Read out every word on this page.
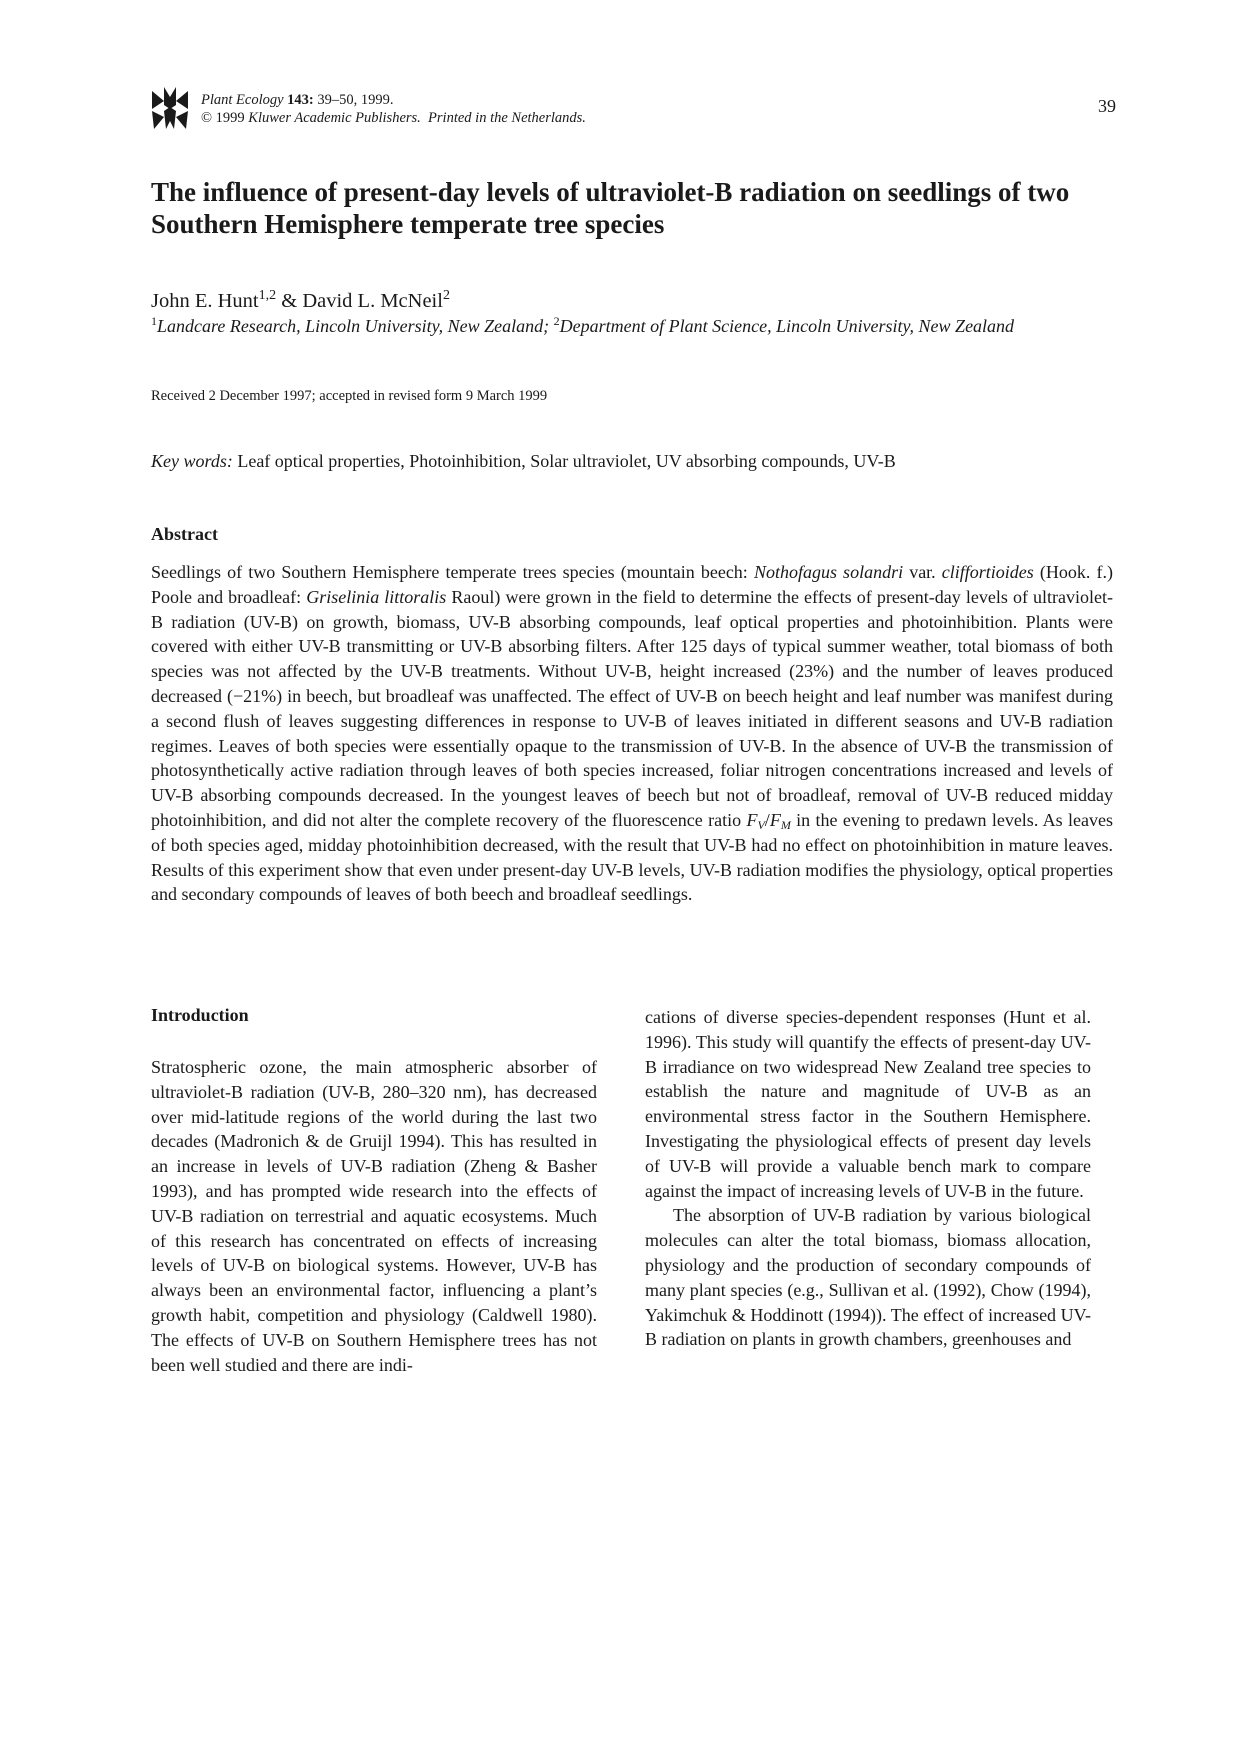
Plant Ecology 143: 39–50, 1999.
© 1999 Kluwer Academic Publishers.  Printed in the Netherlands.
39
The influence of present-day levels of ultraviolet-B radiation on seedlings of two Southern Hemisphere temperate tree species
John E. Hunt$^{1,2}$ & David L. McNeil$^2$
$^1$Landcare Research, Lincoln University, New Zealand; $^2$Department of Plant Science, Lincoln University, New Zealand
Received 2 December 1997; accepted in revised form 9 March 1999
Key words: Leaf optical properties, Photoinhibition, Solar ultraviolet, UV absorbing compounds, UV-B
Abstract

Seedlings of two Southern Hemisphere temperate trees species (mountain beech: Nothofagus solandri var. cliffortioides (Hook. f.) Poole and broadleaf: Griselinia littoralis Raoul) were grown in the field to determine the effects of present-day levels of ultraviolet-B radiation (UV-B) on growth, biomass, UV-B absorbing compounds, leaf optical properties and photoinhibition. Plants were covered with either UV-B transmitting or UV-B absorbing filters. After 125 days of typical summer weather, total biomass of both species was not affected by the UV-B treatments. Without UV-B, height increased (23%) and the number of leaves produced decreased (−21%) in beech, but broadleaf was unaffected. The effect of UV-B on beech height and leaf number was manifest during a second flush of leaves suggesting differences in response to UV-B of leaves initiated in different seasons and UV-B radiation regimes. Leaves of both species were essentially opaque to the transmission of UV-B. In the absence of UV-B the transmission of photosynthetically active radiation through leaves of both species increased, foliar nitrogen concentrations increased and levels of UV-B absorbing compounds decreased. In the youngest leaves of beech but not of broadleaf, removal of UV-B reduced midday photoinhibition, and did not alter the complete recovery of the fluorescence ratio $F_V/F_M$ in the evening to predawn levels. As leaves of both species aged, midday photoinhibition decreased, with the result that UV-B had no effect on photoinhibition in mature leaves. Results of this experiment show that even under present-day UV-B levels, UV-B radiation modifies the physiology, optical properties and secondary compounds of leaves of both beech and broadleaf seedlings.

Introduction

Stratospheric ozone, the main atmospheric absorber of ultraviolet-B radiation (UV-B, 280–320 nm), has decreased over mid-latitude regions of the world during the last two decades (Madronich & de Gruijl 1994). This has resulted in an increase in levels of UV-B radiation (Zheng & Basher 1993), and has prompted wide research into the effects of UV-B radiation on terrestrial and aquatic ecosystems. Much of this research has concentrated on effects of increasing levels of UV-B on biological systems. However, UV-B has always been an environmental factor, influencing a plant’s growth habit, competition and physiology (Caldwell 1980). The effects of UV-B on Southern Hemisphere trees has not been well studied and there are indi-

cations of diverse species-dependent responses (Hunt et al. 1996). This study will quantify the effects of present-day UV-B irradiance on two widespread New Zealand tree species to establish the nature and magnitude of UV-B as an environmental stress factor in the Southern Hemisphere. Investigating the physiological effects of present day levels of UV-B will provide a valuable bench mark to compare against the impact of increasing levels of UV-B in the future.

The absorption of UV-B radiation by various biological molecules can alter the total biomass, biomass allocation, physiology and the production of secondary compounds of many plant species (e.g., Sullivan et al. (1992), Chow (1994), Yakimchuk & Hoddinott (1994)). The effect of increased UV-B radiation on plants in growth chambers, greenhouses and
